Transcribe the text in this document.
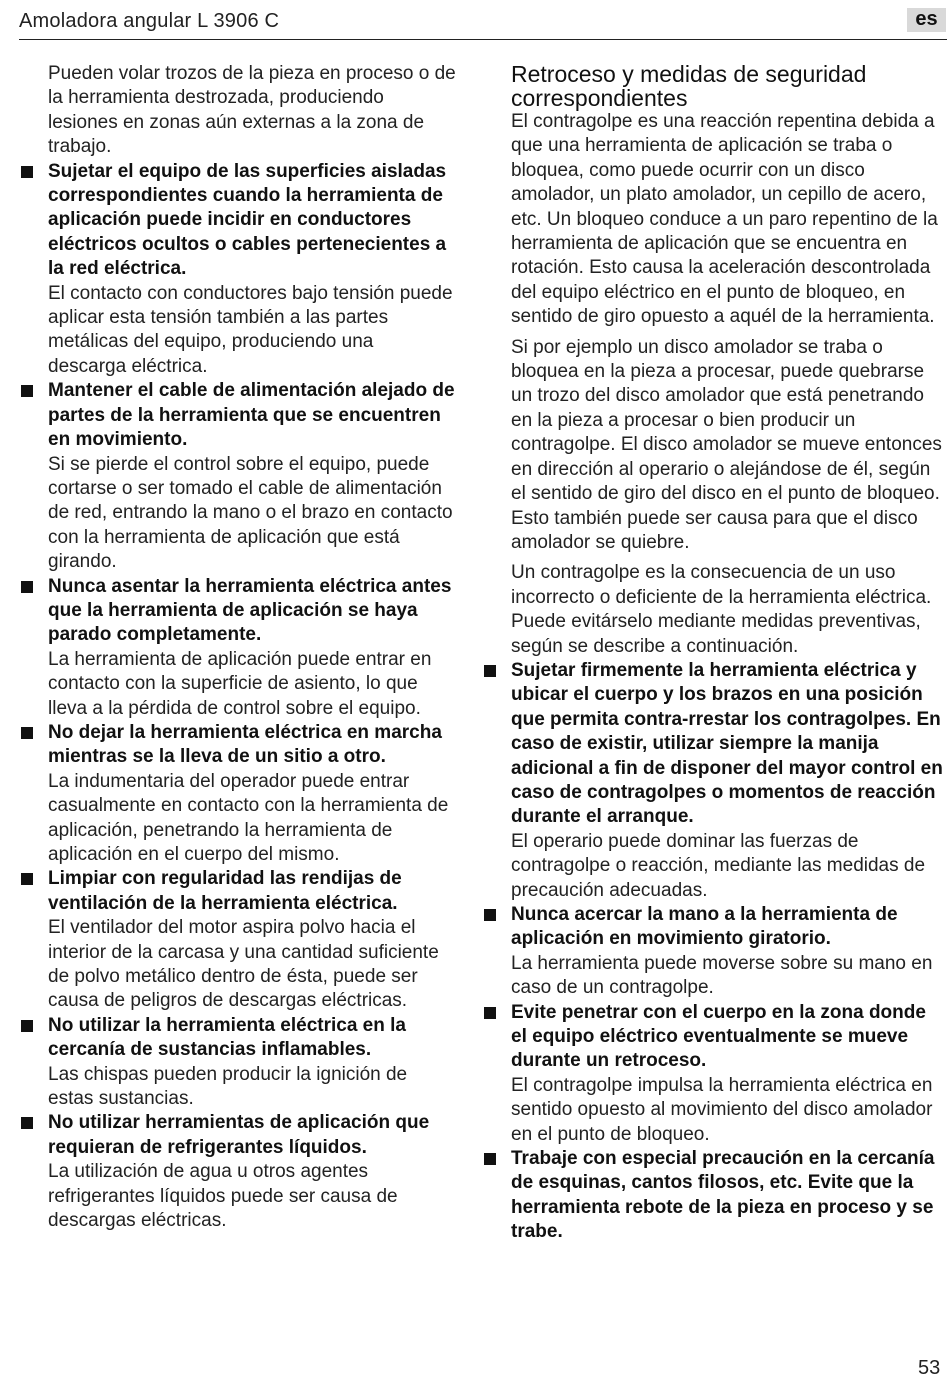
Amoladora angular L 3906 C	es

Pueden volar trozos de la pieza en proceso o de la herramienta destrozada, produciendo lesiones en zonas aún externas a la zona de trabajo.

Sujetar el equipo de las superficies aisladas correspondientes cuando la herramienta de aplicación puede incidir en conductores eléctricos ocultos o cables pertenecientes a la red eléctrica.

El contacto con conductores bajo tensión puede aplicar esta tensión también a las partes metálicas del equipo, produciendo una descarga eléctrica.

Mantener el cable de alimentación alejado de partes de la herramienta que se encuentren en movimiento.

Si se pierde el control sobre el equipo, puede cortarse o ser tomado el cable de alimentación de red, entrando la mano o el brazo en contacto con la herramienta de aplicación que está girando.

Nunca asentar la herramienta eléctrica antes que la herramienta de aplicación se haya parado completamente.

La herramienta de aplicación puede entrar en contacto con la superficie de asiento, lo que lleva a la pérdida de control sobre el equipo.

No dejar la herramienta eléctrica en marcha mientras se la lleva de un sitio a otro.

La indumentaria del operador puede entrar casualmente en contacto con la herramienta de aplicación, penetrando la herramienta de aplicación en el cuerpo del mismo.

Limpiar con regularidad las rendijas de ventilación de la herramienta eléctrica.

El ventilador del motor aspira polvo hacia el interior de la carcasa y una cantidad suficiente de polvo metálico dentro de ésta, puede ser causa de peligros de descargas eléctricas.

No utilizar la herramienta eléctrica en la cercanía de sustancias inflamables.

Las chispas pueden producir la ignición de estas sustancias.

No utilizar herramientas de aplicación que requieran de refrigerantes líquidos.

La utilización de agua u otros agentes refrigerantes líquidos puede ser causa de descargas eléctricas.

Retroceso y medidas de seguridad correspondientes

El contragolpe es una reacción repentina debida a que una herramienta de aplicación se traba o bloquea, como puede ocurrir con un disco amolador, un plato amolador, un cepillo de acero, etc. Un bloqueo conduce a un paro repentino de la herramienta de aplicación que se encuentra en rotación. Esto causa la aceleración descontrolada del equipo eléctrico en el punto de bloqueo, en sentido de giro opuesto a aquél de la herramienta.

Si por ejemplo un disco amolador se traba o bloquea en la pieza a procesar, puede quebrarse un trozo del disco amolador que está penetrando en la pieza a procesar o bien producir un contragolpe. El disco amolador se mueve entonces en dirección al operario o alejándose de él, según el sentido de giro del disco en el punto de bloqueo. Esto también puede ser causa para que el disco amolador se quiebre.

Un contragolpe es la consecuencia de un uso incorrecto o deficiente de la herramienta eléctrica. Puede evitárselo mediante medidas preventivas, según se describe a continuación.

Sujetar firmemente la herramienta eléctrica y ubicar el cuerpo y los brazos en una posición que permita contra-rrestar los contragolpes. En caso de existir, utilizar siempre la manija adicional a fin de disponer del mayor control en caso de contragolpes o momentos de reacción durante el arranque.

El operario puede dominar las fuerzas de contragolpe o reacción, mediante las medidas de precaución adecuadas.

Nunca acercar la mano a la herramienta de aplicación en movimiento giratorio.

La herramienta puede moverse sobre su mano en caso de un contragolpe.

Evite penetrar con el cuerpo en la zona donde el equipo eléctrico eventualmente se mueve durante un retroceso.

El contragolpe impulsa la herramienta eléctrica en sentido opuesto al movimiento del disco amolador en el punto de bloqueo.

Trabaje con especial precaución en la cercanía de esquinas, cantos filosos, etc. Evite que la herramienta rebote de la pieza en proceso y se trabe.

53
